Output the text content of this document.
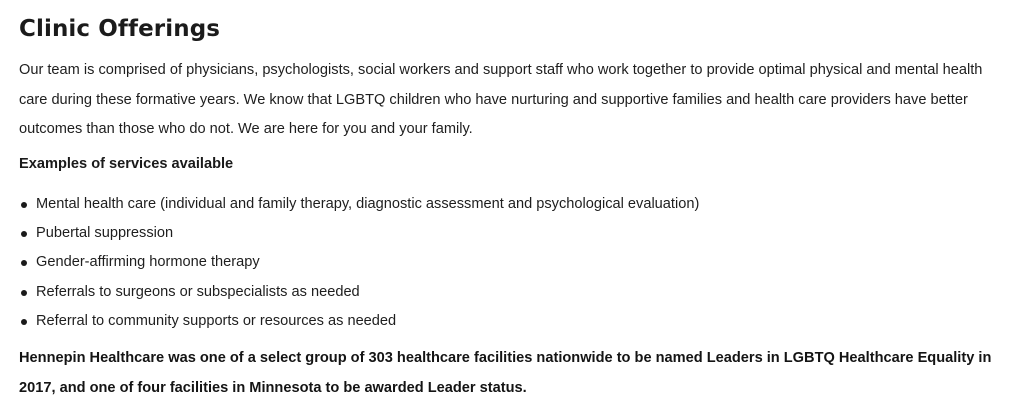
Clinic Offerings

Our team is comprised of physicians, psychologists, social workers and support staff who work together to provide optimal physical and mental health care during these formative years. We know that LGBTQ children who have nurturing and supportive families and health care providers have better outcomes than those who do not. We are here for you and your family.

Examples of services available
Mental health care (individual and family therapy, diagnostic assessment and psychological evaluation)
Pubertal suppression
Gender-affirming hormone therapy
Referrals to surgeons or subspecialists as needed
Referral to community supports or resources as needed

Hennepin Healthcare was one of a select group of 303 healthcare facilities nationwide to be named Leaders in LGBTQ Healthcare Equality in 2017, and one of four facilities in Minnesota to be awarded Leader status.
